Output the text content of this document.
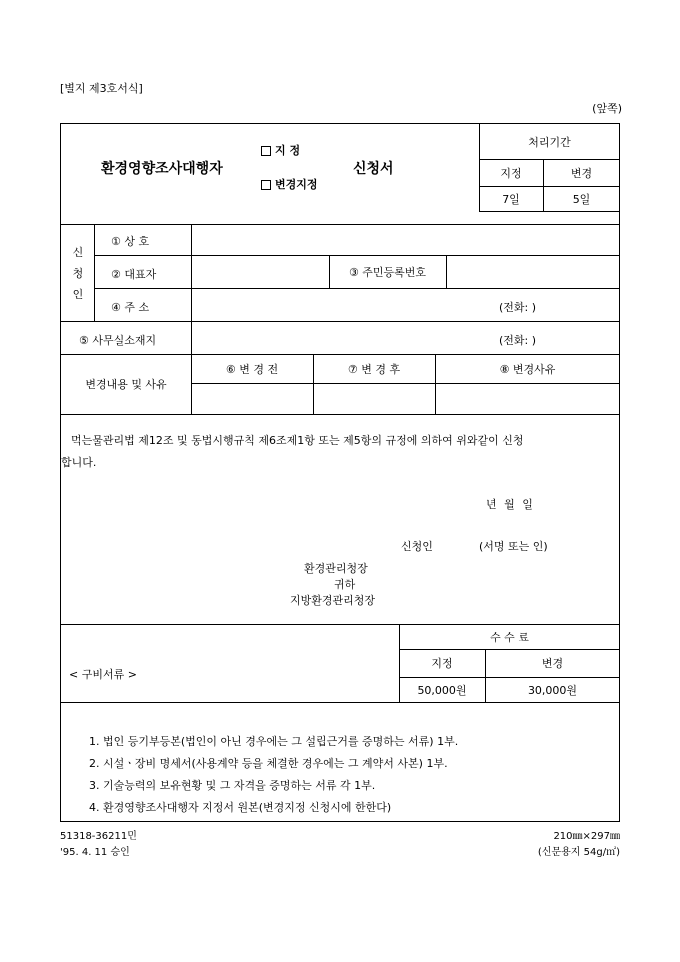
[별지 제3호서식]
(앞쪽)
환경영향조사대행자
지 정
변경지정
신청서
처리기간
지정	변경
7일	5일
신
청
인
① 상 호
② 대표자	③ 주민등록번호
④ 주 소	(전화: )
⑤ 사무실소재지	(전화: )
변경내용 및 사유
⑥ 변 경 전	⑦ 변 경 후	⑧ 변경사유
먹는물관리법 제12조 및 동법시행규칙 제6조제1항 또는 제5항의 규정에 의하여 위와같이 신청
합니다.
년 월 일
신청인	(서명 또는 인)
환경관리청장
귀하
지방환경관리청장
< 구비서류 >
수 수 료
지정	변경
50,000원	30,000원
1. 법인 등기부등본(법인이 아닌 경우에는 그 설립근거를 증명하는 서류) 1부.
2. 시설ㆍ장비 명세서(사용계약 등을 체결한 경우에는 그 계약서 사본) 1부.
3. 기술능력의 보유현황 및 그 자격을 증명하는 서류 각 1부.
4. 환경영향조사대행자 지정서 원본(변경지정 신청시에 한한다)
51318-36211민
'95. 4. 11 승인
210㎜×297㎜
(신문용지 54g/㎡)
